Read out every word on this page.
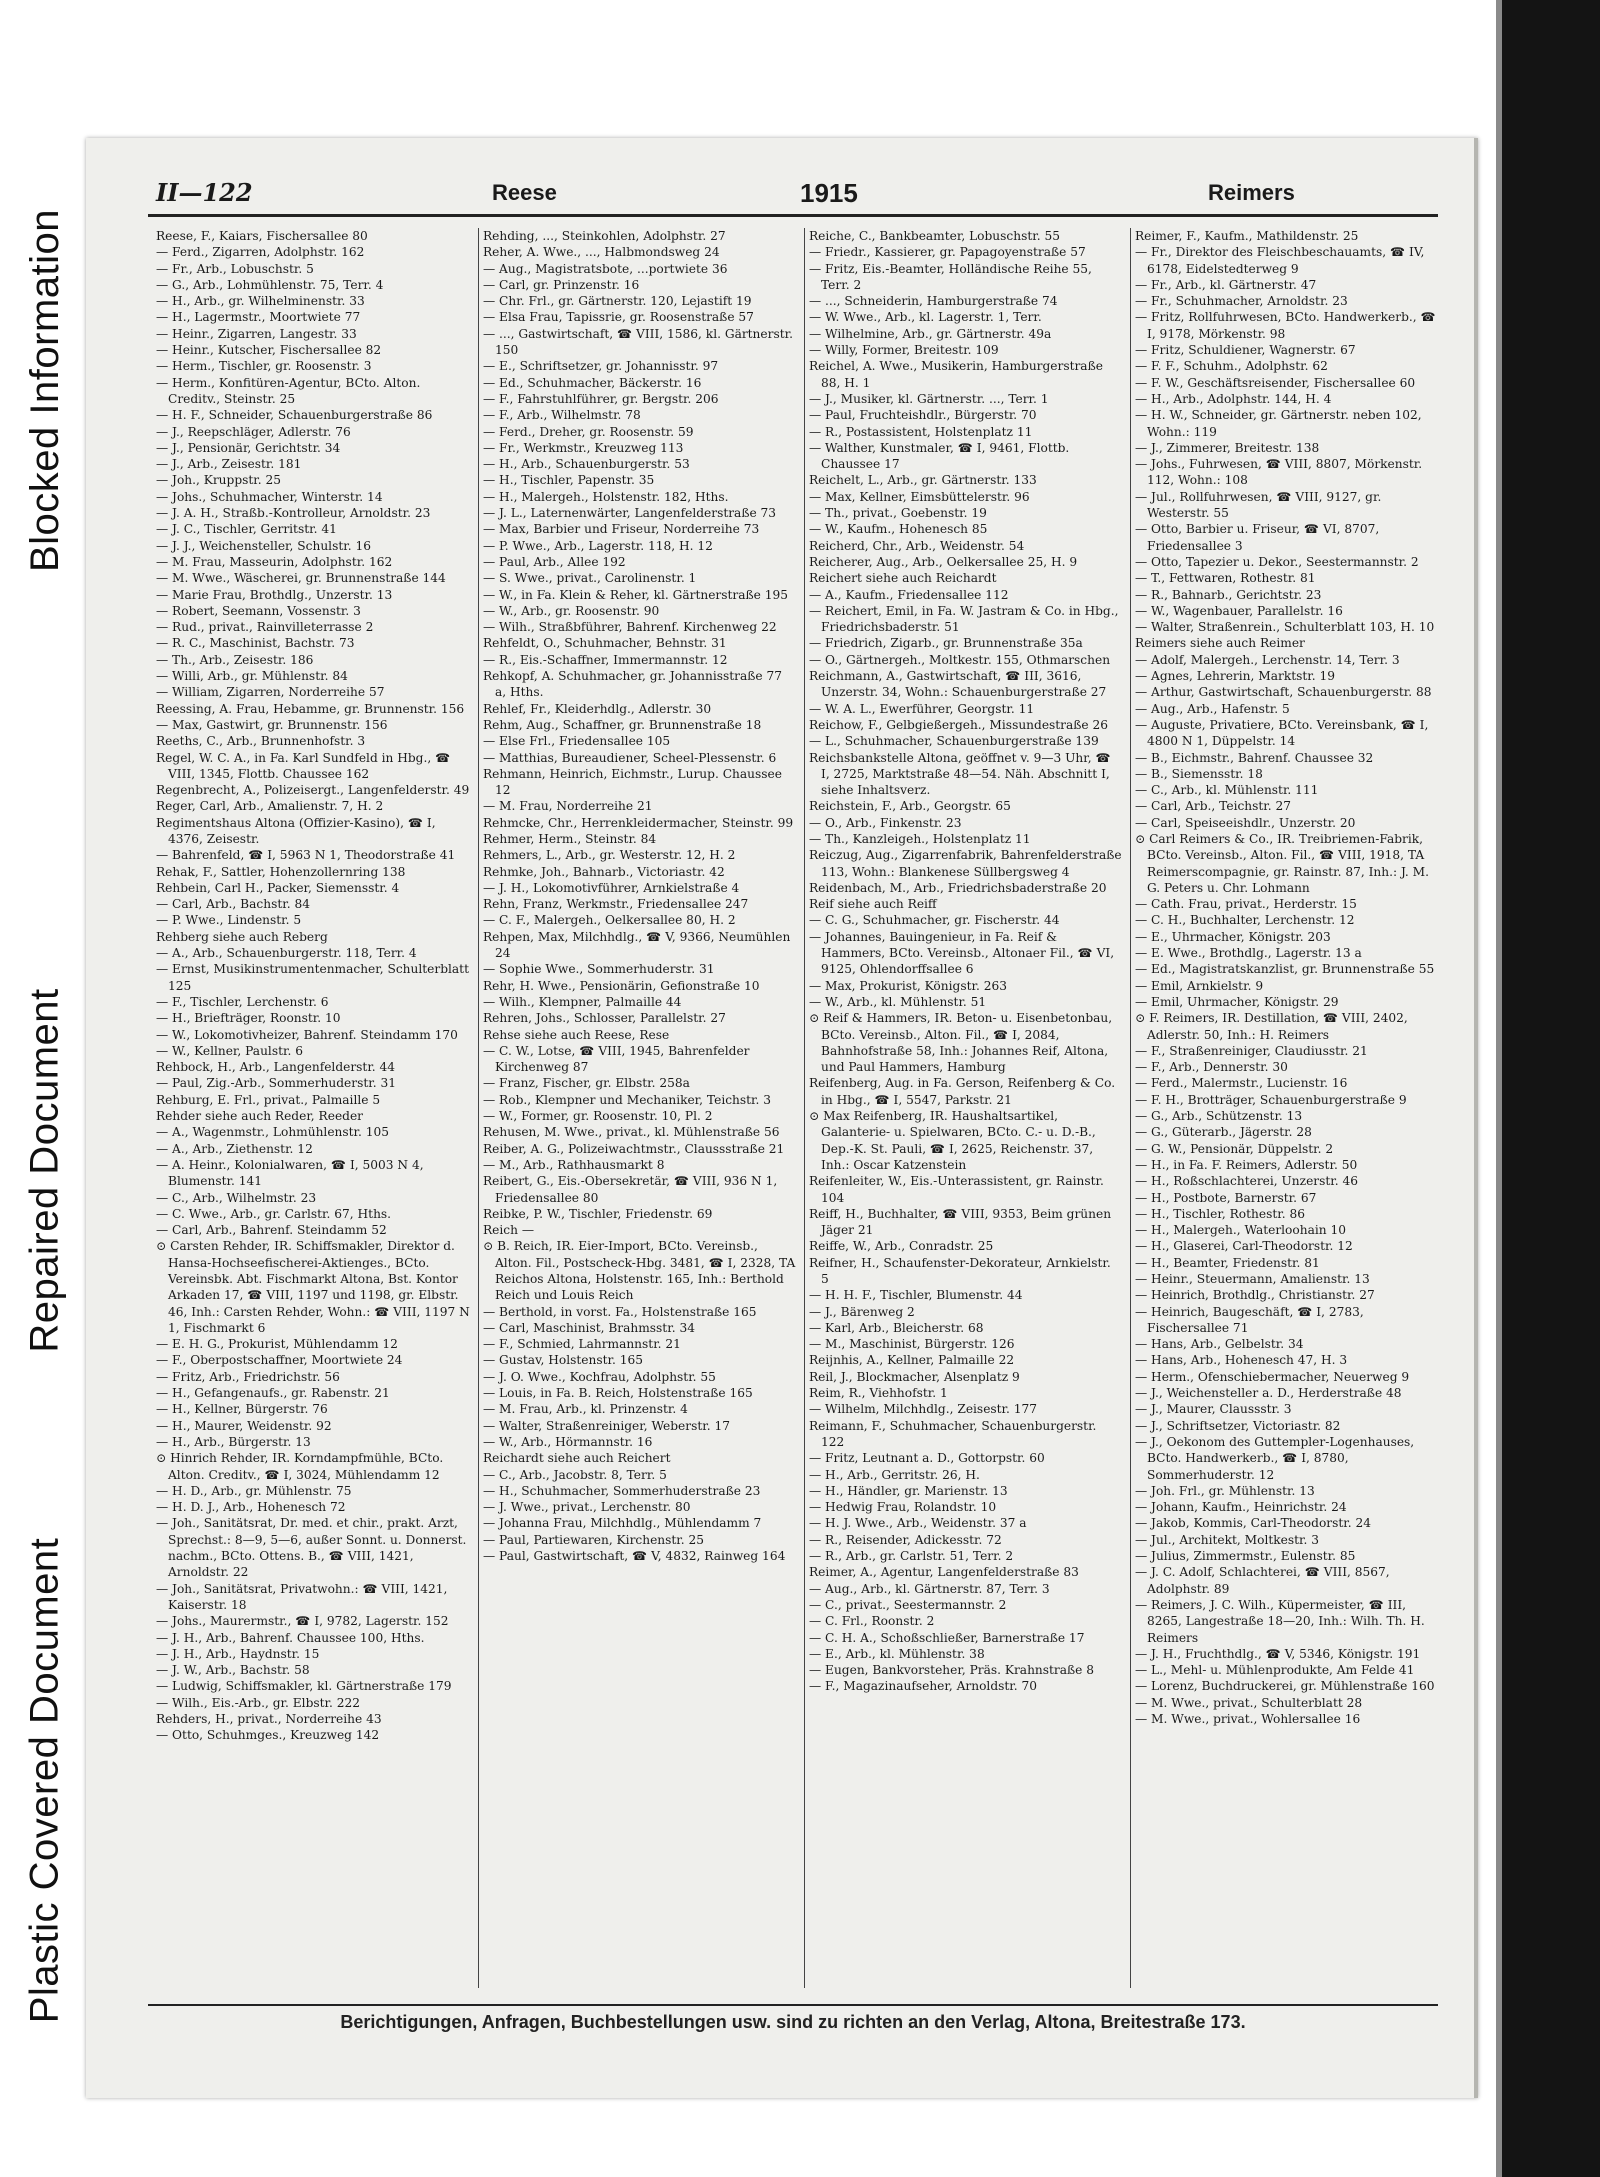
Blocked Information
Repaired Document
Plastic Covered Document
II—122	Reese	1915	Reimers
Reese, F., Kaiars, Fischersallee 80
— Ferd., Zigarren, Adolphstr. 162
— Fr., Arb., Lobuschstr. 5
— G., Arb., Lohmühlenstr. 75, Terr. 4
— H., Arb., gr. Wilhelminenstr. 33
— H., Lagermstr., Moortwiete 77
— Heinr., Zigarren, Langestr. 33
— Heinr., Kutscher, Fischersallee 82
— Herm., Tischler, gr. Roosenstr. 3
— Herm., Konfitüren-Agentur, BCto. Alton. Creditv., Steinstr. 25
— H. F., Schneider, Schauenburgerstraße 86
— J., Reepschläger, Adlerstr. 76
— J., Pensionär, Gerichtstr. 34
— J., Arb., Zeisestr. 181
— Joh., Kruppstr. 25
— Johs., Schuhmacher, Winterstr. 14
— J. A. H., Straßb.-Kontrolleur, Arnoldstr. 23
— J. C., Tischler, Gerritstr. 41
— J. J., Weichensteller, Schulstr. 16
— M. Frau, Masseurin, Adolphstr. 162
— M. Wwe., Wäscherei, gr. Brunnenstraße 144
— Marie Frau, Brothdlg., Unzerstr. 13
— Robert, Seemann, Vossenstr. 3
— Rud., privat., Rainvilleterrasse 2
— R. C., Maschinist, Bachstr. 73
— Th., Arb., Zeisestr. 186
— Willi, Arb., gr. Mühlenstr. 84
— William, Zigarren, Norderreihe 57
Reessing, A. Frau, Hebamme, gr. Brunnenstr. 156
— Max, Gastwirt, gr. Brunnenstr. 156
Reeths, C., Arb., Brunnenhofstr. 3
Regel, W. C. A., in Fa. Karl Sundfeld in Hbg., ☎ VIII, 1345, Flottb. Chaussee 162
Regenbrecht, A., Polizeisergt., Langenfelderstr. 49
Reger, Carl, Arb., Amalienstr. 7, H. 2
Regimentshaus Altona (Offizier-Kasino), ☎ I, 4376, Zeisestr.
— Bahrenfeld, ☎ I, 5963 N 1, Theodorstraße 41
Rehak, F., Sattler, Hohenzollernring 138
Rehbein, Carl H., Packer, Siemensstr. 4
— Carl, Arb., Bachstr. 84
— P. Wwe., Lindenstr. 5
Rehberg siehe auch Reberg
— A., Arb., Schauenburgerstr. 118, Terr. 4
— Ernst, Musikinstrumentenmacher, Schulterblatt 125
— F., Tischler, Lerchenstr. 6
— H., Briefträger, Roonstr. 10
— W., Lokomotivheizer, Bahrenf. Steindamm 170
— W., Kellner, Paulstr. 6
Rehbock, H., Arb., Langenfelderstr. 44
— Paul, Zig.-Arb., Sommerhuderstr. 31
Rehburg, E. Frl., privat., Palmaille 5
Rehder siehe auch Reder, Reeder
— A., Wagenmstr., Lohmühlenstr. 105
— A., Arb., Ziethenstr. 12
— A. Heinr., Kolonialwaren, ☎ I, 5003 N 4, Blumenstr. 141
— C., Arb., Wilhelmstr. 23
— C. Wwe., Arb., gr. Carlstr. 67, Hths.
— Carl, Arb., Bahrenf. Steindamm 52
⊙ Carsten Rehder, IR. Schiffsmakler, Direktor d. Hansa-Hochseefischerei-Aktienges., BCto. Vereinsbk. Abt. Fischmarkt Altona, Bst. Kontor Arkaden 17, ☎ VIII, 1197 und 1198, gr. Elbstr. 46, Inh.: Carsten Rehder, Wohn.: ☎ VIII, 1197 N 1, Fischmarkt 6
— E. H. G., Prokurist, Mühlendamm 12
— F., Oberpostschaffner, Moortwiete 24
— Fritz, Arb., Friedrichstr. 56
— H., Gefangenaufs., gr. Rabenstr. 21
— H., Kellner, Bürgerstr. 76
— H., Maurer, Weidenstr. 92
— H., Arb., Bürgerstr. 13
⊙ Hinrich Rehder, IR. Korndampfmühle, BCto. Alton. Creditv., ☎ I, 3024, Mühlendamm 12
— H. D., Arb., gr. Mühlenstr. 75
— H. D. J., Arb., Hohenesch 72
— Joh., Sanitätsrat, Dr. med. et chir., prakt. Arzt, Sprechst.: 8—9, 5—6, außer Sonnt. u. Donnerst. nachm., BCto. Ottens. B., ☎ VIII, 1421, Arnoldstr. 22
— Joh., Sanitätsrat, Privatwohn.: ☎ VIII, 1421, Kaiserstr. 18
— Johs., Maurermstr., ☎ I, 9782, Lagerstr. 152
— J. H., Arb., Bahrenf. Chaussee 100, Hths.
— J. H., Arb., Haydnstr. 15
— J. W., Arb., Bachstr. 58
— Ludwig, Schiffsmakler, kl. Gärtnerstraße 179
— Wilh., Eis.-Arb., gr. Elbstr. 222
Rehders, H., privat., Norderreihe 43
— Otto, Schuhmges., Kreuzweg 142
Rehding, ..., Steinkohlen, Adolphstr. 27
Reher, A. Wwe., ..., Halbmondsweg 24
— Aug., Magistratsbote, ...portwiete 36
— Carl, gr. Prinzenstr. 16
— Chr. Frl., gr. Gärtnerstr. 120, Lejastift 19
— Elsa Frau, Tapissrie, gr. Roosenstraße 57
— ..., Gastwirtschaft, ☎ VIII, 1586, kl. Gärtnerstr. 150
— E., Schriftsetzer, gr. Johannisstr. 97
— Ed., Schuhmacher, Bäckerstr. 16
— F., Fahrstuhlführer, gr. Bergstr. 206
— F., Arb., Wilhelmstr. 78
— Ferd., Dreher, gr. Roosenstr. 59
— Fr., Werkmstr., Kreuzweg 113
— H., Arb., Schauenburgerstr. 53
— H., Tischler, Papenstr. 35
— H., Malergeh., Holstenstr. 182, Hths.
— J. L., Laternenwärter, Langenfelderstraße 73
— Max, Barbier und Friseur, Norderreihe 73
— P. Wwe., Arb., Lagerstr. 118, H. 12
— Paul, Arb., Allee 192
— S. Wwe., privat., Carolinenstr. 1
— W., in Fa. Klein & Reher, kl. Gärtnerstraße 195
— W., Arb., gr. Roosenstr. 90
— Wilh., Straßbführer, Bahrenf. Kirchenweg 22
Rehfeldt, O., Schuhmacher, Behnstr. 31
— R., Eis.-Schaffner, Immermannstr. 12
Rehkopf, A. Schuhmacher, gr. Johannisstraße 77 a, Hths.
Rehlef, Fr., Kleiderhdlg., Adlerstr. 30
Rehm, Aug., Schaffner, gr. Brunnenstraße 18
— Else Frl., Friedensallee 105
— Matthias, Bureaudiener, Scheel-Plessenstr. 6
Rehmann, Heinrich, Eichmstr., Lurup. Chaussee 12
— M. Frau, Norderreihe 21
Rehmcke, Chr., Herrenkleidermacher, Steinstr. 99
Rehmer, Herm., Steinstr. 84
Rehmers, L., Arb., gr. Westerstr. 12, H. 2
Rehmke, Joh., Bahnarb., Victoriastr. 42
— J. H., Lokomotivführer, Arnkielstraße 4
Rehn, Franz, Werkmstr., Friedensallee 247
— C. F., Malergeh., Oelkersallee 80, H. 2
Rehpen, Max, Milchhdlg., ☎ V, 9366, Neumühlen 24
— Sophie Wwe., Sommerhuderstr. 31
Rehr, H. Wwe., Pensionärin, Gefionstraße 10
— Wilh., Klempner, Palmaille 44
Rehren, Johs., Schlosser, Parallelstr. 27
Rehse siehe auch Reese, Rese
— C. W., Lotse, ☎ VIII, 1945, Bahrenfelder Kirchenweg 87
— Franz, Fischer, gr. Elbstr. 258a
— Rob., Klempner und Mechaniker, Teichstr. 3
— W., Former, gr. Roosenstr. 10, Pl. 2
Rehusen, M. Wwe., privat., kl. Mühlenstraße 56
Reiber, A. G., Polizeiwachtmstr., Claussstraße 21
— M., Arb., Rathhausmarkt 8
Reibert, G., Eis.-Obersekretär, ☎ VIII, 936 N 1, Friedensallee 80
Reibke, P. W., Tischler, Friedenstr. 69
Reich —
⊙ B. Reich, IR. Eier-Import, BCto. Vereinsb., Alton. Fil., Postscheck-Hbg. 3481, ☎ I, 2328, TA Reichos Altona, Holstenstr. 165, Inh.: Berthold Reich und Louis Reich
— Berthold, in vorst. Fa., Holstenstraße 165
— Carl, Maschinist, Brahmsstr. 34
— F., Schmied, Lahrmannstr. 21
— Gustav, Holstenstr. 165
— J. O. Wwe., Kochfrau, Adolphstr. 55
— Louis, in Fa. B. Reich, Holstenstraße 165
— M. Frau, Arb., kl. Prinzenstr. 4
— Walter, Straßenreiniger, Weberstr. 17
— W., Arb., Hörmannstr. 16
Reichardt siehe auch Reichert
— C., Arb., Jacobstr. 8, Terr. 5
— H., Schuhmacher, Sommerhuderstraße 23
— J. Wwe., privat., Lerchenstr. 80
— Johanna Frau, Milchhdlg., Mühlendamm 7
— Paul, Partiewaren, Kirchenstr. 25
— Paul, Gastwirtschaft, ☎ V, 4832, Rainweg 164
Reiche, C., Bankbeamter, Lobuschstr. 55
— Friedr., Kassierer, gr. Papagoyenstraße 57
— Fritz, Eis.-Beamter, Holländische Reihe 55, Terr. 2
— ..., Schneiderin, Hamburgerstraße 74
— W. Wwe., Arb., kl. Lagerstr. 1, Terr.
— Wilhelmine, Arb., gr. Gärtnerstr. 49a
— Willy, Former, Breitestr. 109
Reichel, A. Wwe., Musikerin, Hamburgerstraße 88, H. 1
— J., Musiker, kl. Gärtnerstr. ..., Terr. 1
— Paul, Fruchteishdlr., Bürgerstr. 70
— R., Postassistent, Holstenplatz 11
— Walther, Kunstmaler, ☎ I, 9461, Flottb. Chaussee 17
Reichelt, L., Arb., gr. Gärtnerstr. 133
— Max, Kellner, Eimsbüttelerstr. 96
— Th., privat., Goebenstr. 19
— W., Kaufm., Hohenesch 85
Reicherd, Chr., Arb., Weidenstr. 54
Reicherer, Aug., Arb., Oelkersallee 25, H. 9
Reichert siehe auch Reichardt
— A., Kaufm., Friedensallee 112
— Reichert, Emil, in Fa. W. Jastram & Co. in Hbg., Friedrichsbaderstr. 51
— Friedrich, Zigarb., gr. Brunnenstraße 35a
— O., Gärtnergeh., Moltkestr. 155, Othmarschen
Reichmann, A., Gastwirtschaft, ☎ III, 3616, Unzerstr. 34, Wohn.: Schauenburgerstraße 27
— W. A. L., Ewerführer, Georgstr. 11
Reichow, F., Gelbgießergeh., Missundestraße 26
— L., Schuhmacher, Schauenburgerstraße 139
Reichsbankstelle Altona, geöffnet v. 9—3 Uhr, ☎ I, 2725, Marktstraße 48—54. Näh. Abschnitt I, siehe Inhaltsverz.
Reichstein, F., Arb., Georgstr. 65
— O., Arb., Finkenstr. 23
— Th., Kanzleigeh., Holstenplatz 11
Reiczug, Aug., Zigarrenfabrik, Bahrenfelderstraße 113, Wohn.: Blankenese Süllbergsweg 4
Reidenbach, M., Arb., Friedrichsbaderstraße 20
Reif siehe auch Reiff
— C. G., Schuhmacher, gr. Fischerstr. 44
— Johannes, Bauingenieur, in Fa. Reif & Hammers, BCto. Vereinsb., Altonaer Fil., ☎ VI, 9125, Ohlendorffsallee 6
— Max, Prokurist, Königstr. 263
— W., Arb., kl. Mühlenstr. 51
⊙ Reif & Hammers, IR. Beton- u. Eisenbetonbau, BCto. Vereinsb., Alton. Fil., ☎ I, 2084, Bahnhofstraße 58, Inh.: Johannes Reif, Altona, und Paul Hammers, Hamburg
Reifenberg, Aug. in Fa. Gerson, Reifenberg & Co. in Hbg., ☎ I, 5547, Parkstr. 21
⊙ Max Reifenberg, IR. Haushaltsartikel, Galanterie- u. Spielwaren, BCto. C.- u. D.-B., Dep.-K. St. Pauli, ☎ I, 2625, Reichenstr. 37, Inh.: Oscar Katzenstein
Reifenleiter, W., Eis.-Unterassistent, gr. Rainstr. 104
Reiff, H., Buchhalter, ☎ VIII, 9353, Beim grünen Jäger 21
Reiffe, W., Arb., Conradstr. 25
Reifner, H., Schaufenster-Dekorateur, Arnkielstr. 5
— H. H. F., Tischler, Blumenstr. 44
— J., Bärenweg 2
— Karl, Arb., Bleicherstr. 68
— M., Maschinist, Bürgerstr. 126
Reijnhis, A., Kellner, Palmaille 22
Reil, J., Blockmacher, Alsenplatz 9
Reim, R., Viehhofstr. 1
— Wilhelm, Milchhdlg., Zeisestr. 177
Reimann, F., Schuhmacher, Schauenburgerstr. 122
— Fritz, Leutnant a. D., Gottorpstr. 60
— H., Arb., Gerritstr. 26, H.
— H., Händler, gr. Marienstr. 13
— Hedwig Frau, Rolandstr. 10
— H. J. Wwe., Arb., Weidenstr. 37 a
— R., Reisender, Adickesstr. 72
— R., Arb., gr. Carlstr. 51, Terr. 2
Reimer, A., Agentur, Langenfelderstraße 83
— Aug., Arb., kl. Gärtnerstr. 87, Terr. 3
— C., privat., Seestermannstr. 2
— C. Frl., Roonstr. 2
— C. H. A., Schoßschließer, Barnerstraße 17
— E., Arb., kl. Mühlenstr. 38
— Eugen, Bankvorsteher, Präs. Krahnstraße 8
— F., Magazinaufseher, Arnoldstr. 70
Reimer, F., Kaufm., Mathildenstr. 25
— Fr., Direktor des Fleischbeschauamts, ☎ IV, 6178, Eidelstedterweg 9
— Fr., Arb., kl. Gärtnerstr. 47
— Fr., Schuhmacher, Arnoldstr. 23
— Fritz, Rollfuhrwesen, BCto. Handwerkerb., ☎ I, 9178, Mörkenstr. 98
— Fritz, Schuldiener, Wagnerstr. 67
— F. F., Schuhm., Adolphstr. 62
— F. W., Geschäftsreisender, Fischersallee 60
— H., Arb., Adolphstr. 144, H. 4
— H. W., Schneider, gr. Gärtnerstr. neben 102, Wohn.: 119
— J., Zimmerer, Breitestr. 138
— Johs., Fuhrwesen, ☎ VIII, 8807, Mörkenstr. 112, Wohn.: 108
— Jul., Rollfuhrwesen, ☎ VIII, 9127, gr. Westerstr. 55
— Otto, Barbier u. Friseur, ☎ VI, 8707, Friedensallee 3
— Otto, Tapezier u. Dekor., Seestermannstr. 2
— T., Fettwaren, Rothestr. 81
— R., Bahnarb., Gerichtstr. 23
— W., Wagenbauer, Parallelstr. 16
— Walter, Straßenrein., Schulterblatt 103, H. 10
Reimers siehe auch Reimer
— Adolf, Malergeh., Lerchenstr. 14, Terr. 3
— Agnes, Lehrerin, Marktstr. 19
— Arthur, Gastwirtschaft, Schauenburgerstr. 88
— Aug., Arb., Hafenstr. 5
— Auguste, Privatiere, BCto. Vereinsbank, ☎ I, 4800 N 1, Düppelstr. 14
— B., Eichmstr., Bahrenf. Chaussee 32
— B., Siemensstr. 18
— C., Arb., kl. Mühlenstr. 111
— Carl, Arb., Teichstr. 27
— Carl, Speiseeishdlr., Unzerstr. 20
⊙ Carl Reimers & Co., IR. Treibriemen-Fabrik, BCto. Vereinsb., Alton. Fil., ☎ VIII, 1918, TA Reimerscompagnie, gr. Rainstr. 87, Inh.: J. M. G. Peters u. Chr. Lohmann
— Cath. Frau, privat., Herderstr. 15
— C. H., Buchhalter, Lerchenstr. 12
— E., Uhrmacher, Königstr. 203
— E. Wwe., Brothdlg., Lagerstr. 13 a
— Ed., Magistratskanzlist, gr. Brunnenstraße 55
— Emil, Arnkielstr. 9
— Emil, Uhrmacher, Königstr. 29
⊙ F. Reimers, IR. Destillation, ☎ VIII, 2402, Adlerstr. 50, Inh.: H. Reimers
— F., Straßenreiniger, Claudiusstr. 21
— F., Arb., Dennerstr. 30
— Ferd., Malermstr., Lucienstr. 16
— F. H., Brotträger, Schauenburgerstraße 9
— G., Arb., Schützenstr. 13
— G., Güterarb., Jägerstr. 28
— G. W., Pensionär, Düppelstr. 2
— H., in Fa. F. Reimers, Adlerstr. 50
— H., Roßschlachterei, Unzerstr. 46
— H., Postbote, Barnerstr. 67
— H., Tischler, Rothestr. 86
— H., Malergeh., Waterloohain 10
— H., Glaserei, Carl-Theodorstr. 12
— H., Beamter, Friedenstr. 81
— Heinr., Steuermann, Amalienstr. 13
— Heinrich, Brothdlg., Christianstr. 27
— Heinrich, Baugeschäft, ☎ I, 2783, Fischersallee 71
— Hans, Arb., Gelbelstr. 34
— Hans, Arb., Hohenesch 47, H. 3
— Herm., Ofenschiebermacher, Neuerweg 9
— J., Weichensteller a. D., Herderstraße 48
— J., Maurer, Claussstr. 3
— J., Schriftsetzer, Victoriastr. 82
— J., Oekonom des Guttempler-Logenhauses, BCto. Handwerkerb., ☎ I, 8780, Sommerhuderstr. 12
— Joh. Frl., gr. Mühlenstr. 13
— Johann, Kaufm., Heinrichstr. 24
— Jakob, Kommis, Carl-Theodorstr. 24
— Jul., Architekt, Moltkestr. 3
— Julius, Zimmermstr., Eulenstr. 85
— J. C. Adolf, Schlachterei, ☎ VIII, 8567, Adolphstr. 89
— Reimers, J. C. Wilh., Küpermeister, ☎ III, 8265, Langestraße 18—20, Inh.: Wilh. Th. H. Reimers
— J. H., Fruchthdlg., ☎ V, 5346, Königstr. 191
— L., Mehl- u. Mühlenprodukte, Am Felde 41
— Lorenz, Buchdruckerei, gr. Mühlenstraße 160
— M. Wwe., privat., Schulterblatt 28
— M. Wwe., privat., Wohlersallee 16
Berichtigungen, Anfragen, Buchbestellungen usw. sind zu richten an den Verlag, Altona, Breitestraße 173.
